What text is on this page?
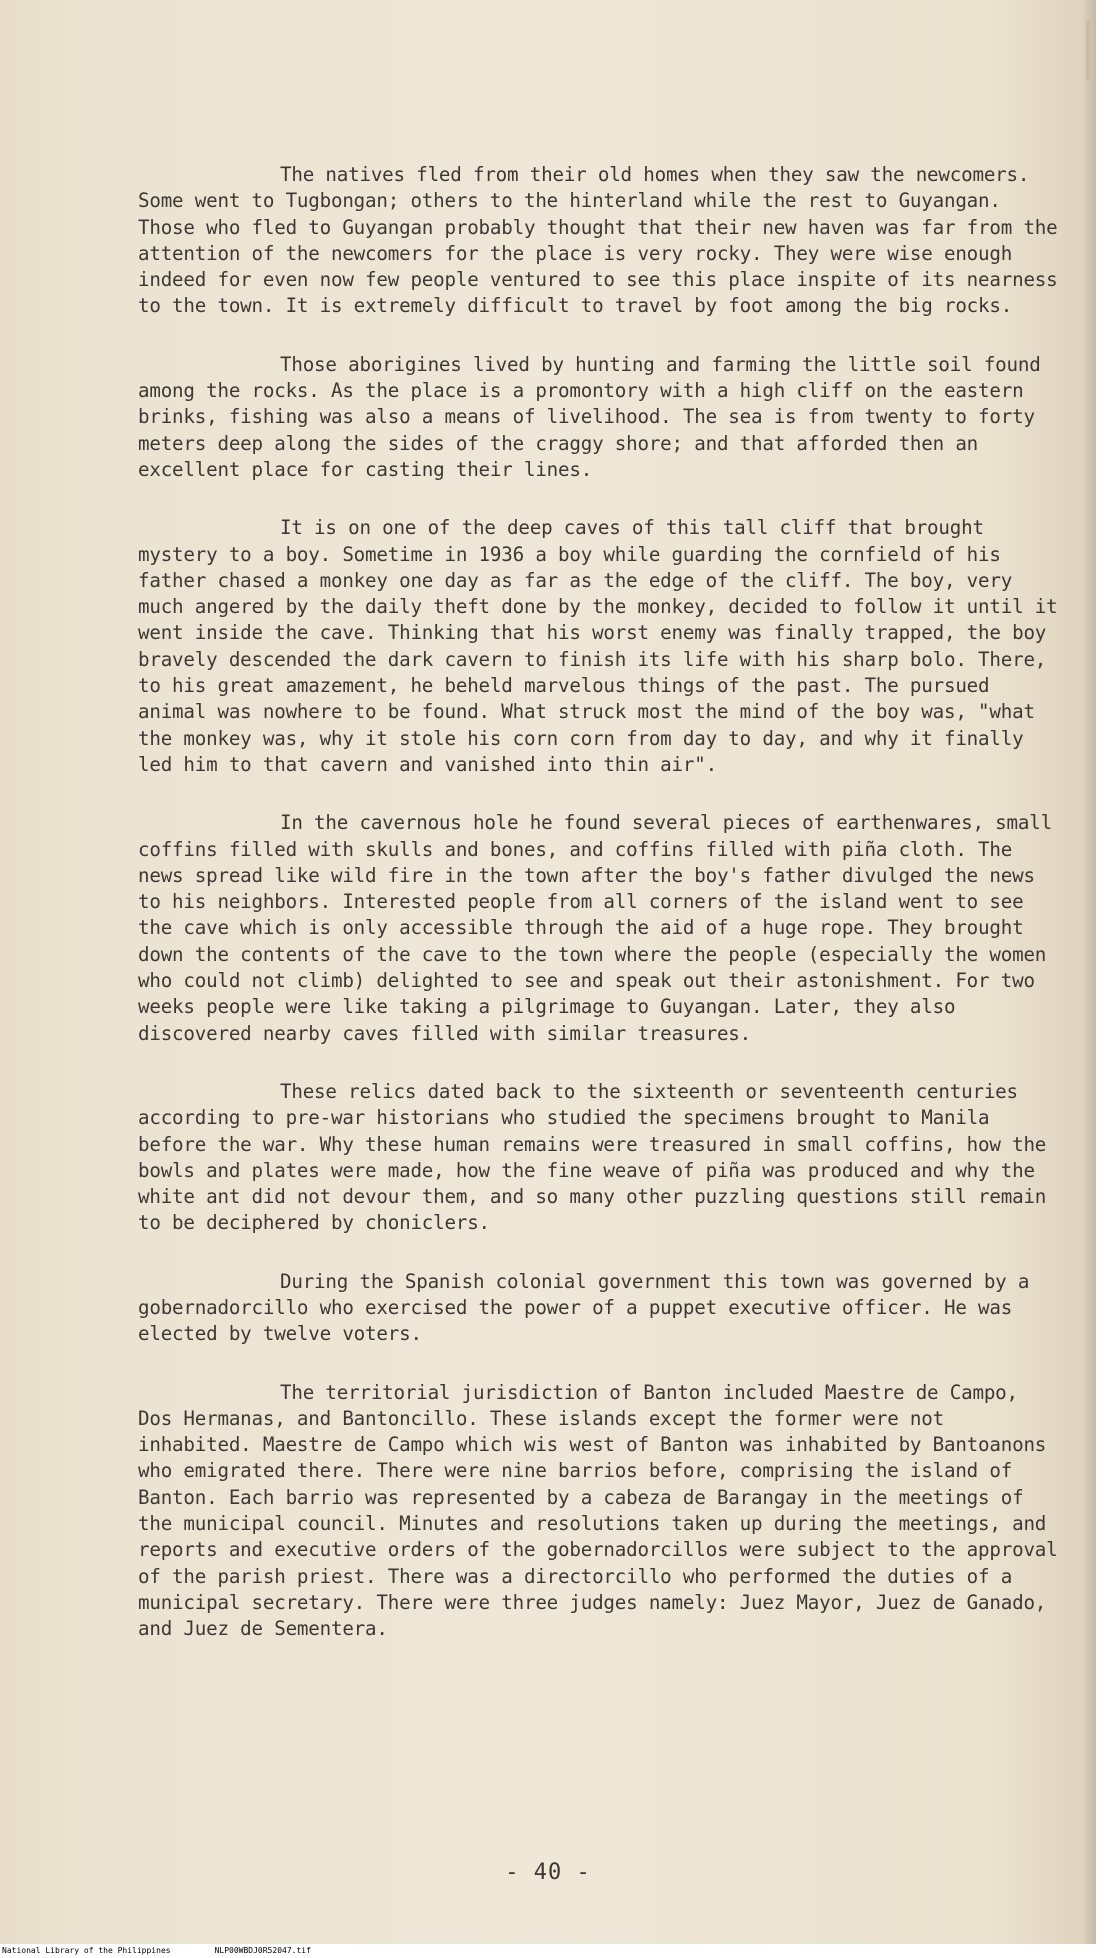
The natives fled from their old homes when they saw the newcomers. Some went to Tugbongan; others to the hinterland while the rest to Guyangan. Those who fled to Guyangan probably thought that their new haven was far from the attention of the newcomers for the place is very rocky. They were wise enough indeed for even now few people ventured to see this place inspite of its nearness to the town. It is extremely difficult to travel by foot among the big rocks.

Those aborigines lived by hunting and farming the little soil found among the rocks. As the place is a promontory with a high cliff on the eastern brinks, fishing was also a means of livelihood. The sea is from twenty to forty meters deep along the sides of the craggy shore; and that afforded then an excellent place for casting their lines.

It is on one of the deep caves of this tall cliff that brought mystery to a boy. Sometime in 1936 a boy while guarding the cornfield of his father chased a monkey one day as far as the edge of the cliff. The boy, very much angered by the daily theft done by the monkey, decided to follow it until it went inside the cave. Thinking that his worst enemy was finally trapped, the boy bravely descended the dark cavern to finish its life with his sharp bolo. There, to his great amazement, he beheld marvelous things of the past. The pursued animal was nowhere to be found. What struck most the mind of the boy was, "what the monkey was, why it stole his corn corn from day to day, and why it finally led him to that cavern and vanished into thin air".

In the cavernous hole he found several pieces of earthenwares, small coffins filled with skulls and bones, and coffins filled with piña cloth. The news spread like wild fire in the town after the boy's father divulged the news to his neighbors. Interested people from all corners of the island went to see the cave which is only accessible through the aid of a huge rope. They brought down the contents of the cave to the town where the people (especially the women who could not climb) delighted to see and speak out their astonishment. For two weeks people were like taking a pilgrimage to Guyangan. Later, they also discovered nearby caves filled with similar treasures.

These relics dated back to the sixteenth or seventeenth centuries according to pre-war historians who studied the specimens brought to Manila before the war. Why these human remains were treasured in small coffins, how the bowls and plates were made, how the fine weave of piña was produced and why the white ant did not devour them, and so many other puzzling questions still remain to be deciphered by choniclers.

During the Spanish colonial government this town was governed by a gobernadorcillo who exercised the power of a puppet executive officer. He was elected by twelve voters.

The territorial jurisdiction of Banton included Maestre de Campo, Dos Hermanas, and Bantoncillo. These islands except the former were not inhabited. Maestre de Campo which wis west of Banton was inhabited by Bantoanons who emigrated there. There were nine barrios before, comprising the island of Banton. Each barrio was represented by a cabeza de Barangay in the meetings of the municipal council. Minutes and resolutions taken up during the meetings, and reports and executive orders of the gobernadorcillos were subject to the approval of the parish priest. There was a directorcillo who performed the duties of a municipal secretary. There were three judges namely: Juez Mayor, Juez de Ganado, and Juez de Sementera.

- 40 -
National Library of the Philippines	NLP00WBDJ0R52047.tif
